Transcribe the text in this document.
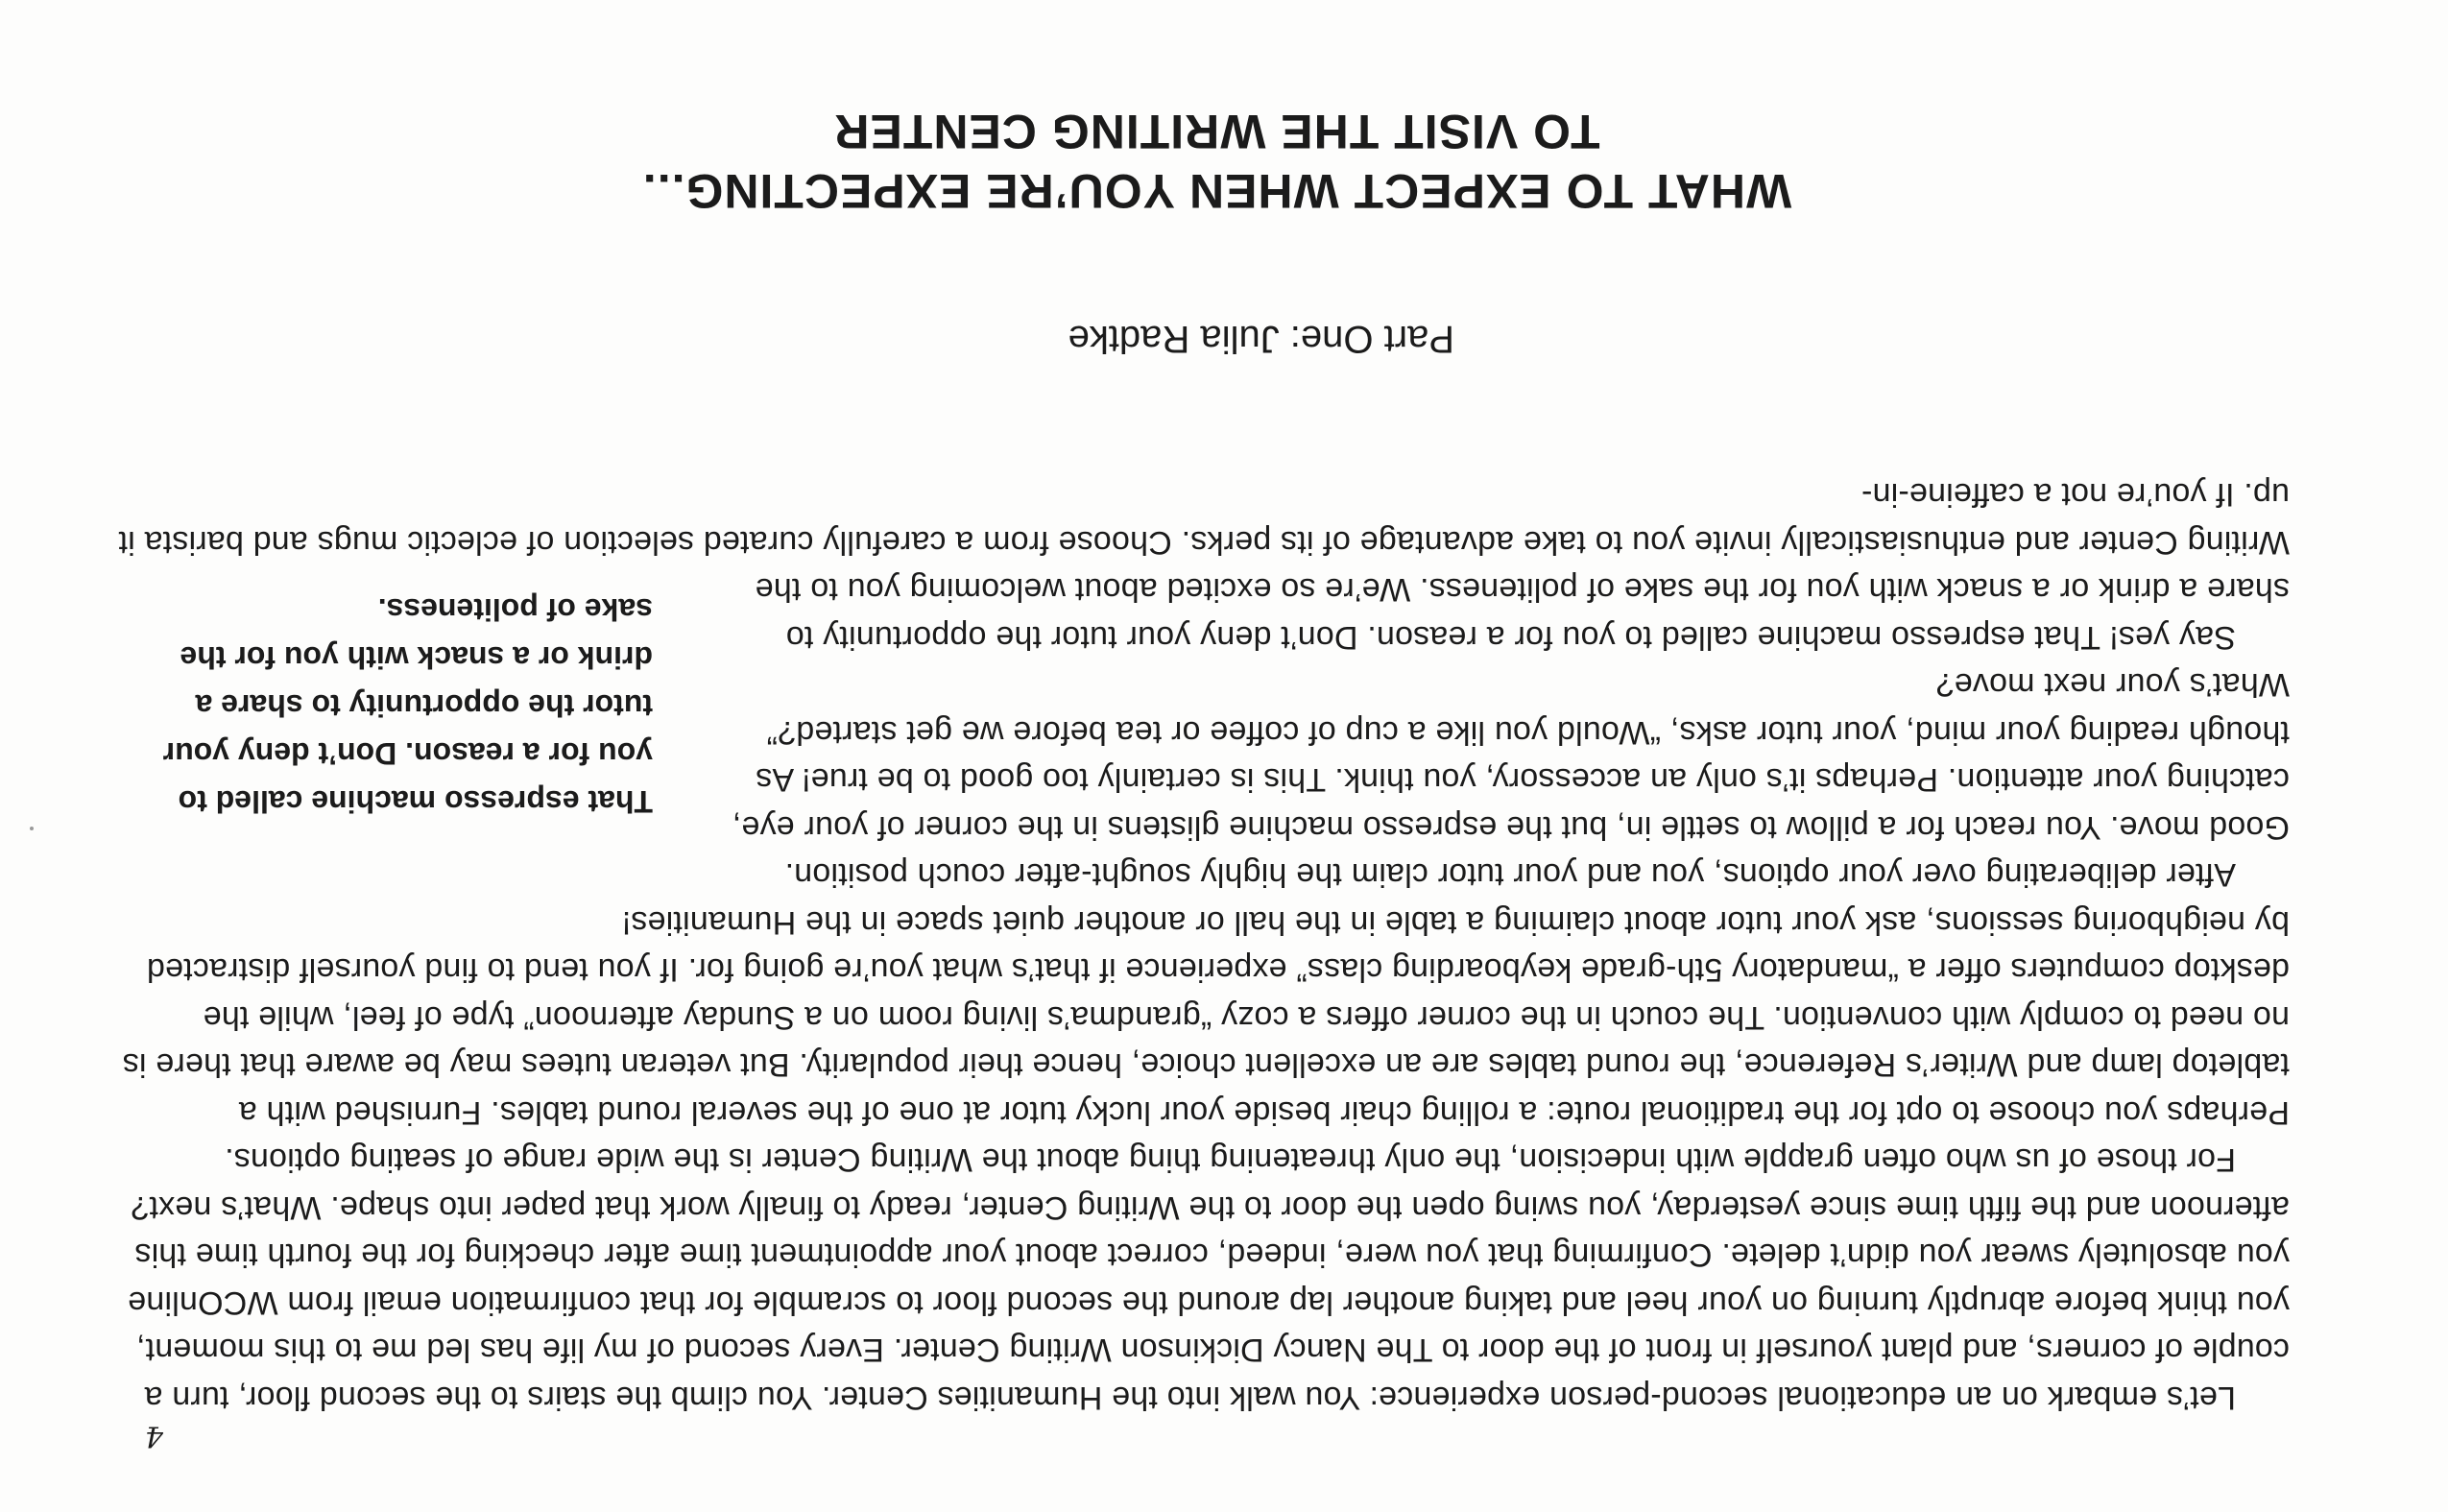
WHAT TO EXPECT WHEN YOU’RE EXPECTING...
TO VISIT THE WRITING CENTER

Part One: Julia Radtke

Let’s embark on an educational second-person experience: You walk into the Humanities Center. You climb the stairs to the second floor, turn a couple of corners, and plant yourself in front of the door to The Nancy Dickinson Writing Center. Every second of my life has led me to this moment, you think before abruptly turning on your heel and taking another lap around the second floor to scramble for that confirmation email from WCOnline you absolutely swear you didn’t delete. Confirming that you were, indeed, correct about your appointment time after checking for the fourth time this afternoon and the fifth time since yesterday, you swing open the door to the Writing Center, ready to finally work that paper into shape. What’s next?

For those of us who often grapple with indecision, the only threatening thing about the Writing Center is the wide range of seating options. Perhaps you choose to opt for the traditional route: a rolling chair beside your lucky tutor at one of the several round tables. Furnished with a tabletop lamp and Writer’s Reference, the round tables are an excellent choice, hence their popularity. But veteran tutees may be aware that there is no need to comply with convention. The couch in the corner offers a cozy “grandma’s living room on a Sunday afternoon” type of feel, while the desktop computers offer a “mandatory 5th-grade keyboarding class” experience if that’s what you’re going for. If you tend to find yourself distracted by neighboring sessions, ask your tutor about claiming a table in the hall or another quiet space in the Humanities!

That espresso machine called to you for a reason. Don’t deny your tutor the opportunity to share a drink or a snack with you for the sake of politeness.

After deliberating over your options, you and your tutor claim the highly sought-after couch position. Good move. You reach for a pillow to settle in, but the espresso machine glistens in the corner of your eye, catching your attention. Perhaps it’s only an accessory, you think. This is certainly too good to be true! As though reading your mind, your tutor asks, “Would you like a cup of coffee or tea before we get started?” What’s your next move?

Say yes! That espresso machine called to you for a reason. Don’t deny your tutor the opportunity to share a drink or a snack with you for the sake of politeness. We’re so excited about welcoming you to the Writing Center and enthusiastically invite you to take advantage of its perks. Choose from a carefully curated selection of eclectic mugs and barista it up. If you’re not a caffeine-in-

4
